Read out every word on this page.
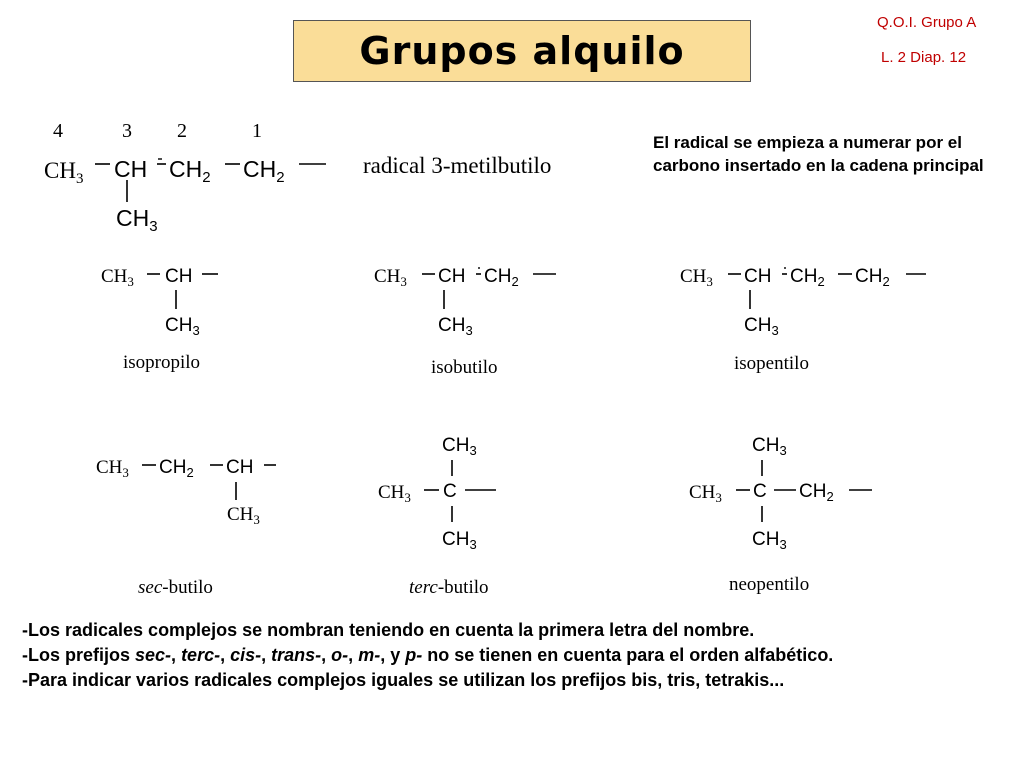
Grupos alquilo
Q.O.I. Grupo A
L. 2 Diap. 12
4	3 2	1
radical 3-metilbutilo
El radical se empieza a numerar por el carbono insertado en la cadena principal
$CH_3$ CH $CH_2$ $CH_2$
$CH_3$
$CH_3$ CH
$CH_3$
$CH_3$ CH $CH_2$
$CH_3$
$CH_3$ CH $CH_2$ $CH_2$
$CH_3$
$CH_3$ $CH_2$ CH
$CH_3$
$CH_3$
$CH_3$ C
$CH_3$
$CH_3$
$CH_3$ C $CH_2$
$CH_3$
isopropilo	isobutilo	isopentilo
sec-butilo	terc-butilo	neopentilo

-Los radicales complejos se nombran teniendo en cuenta la primera letra del nombre.

-Los prefijos sec-, terc-, cis-, trans-, o-, m-, y p- no se tienen en cuenta para el orden alfabético.

-Para indicar varios radicales complejos iguales se utilizan los prefijos bis, tris, tetrakis...
